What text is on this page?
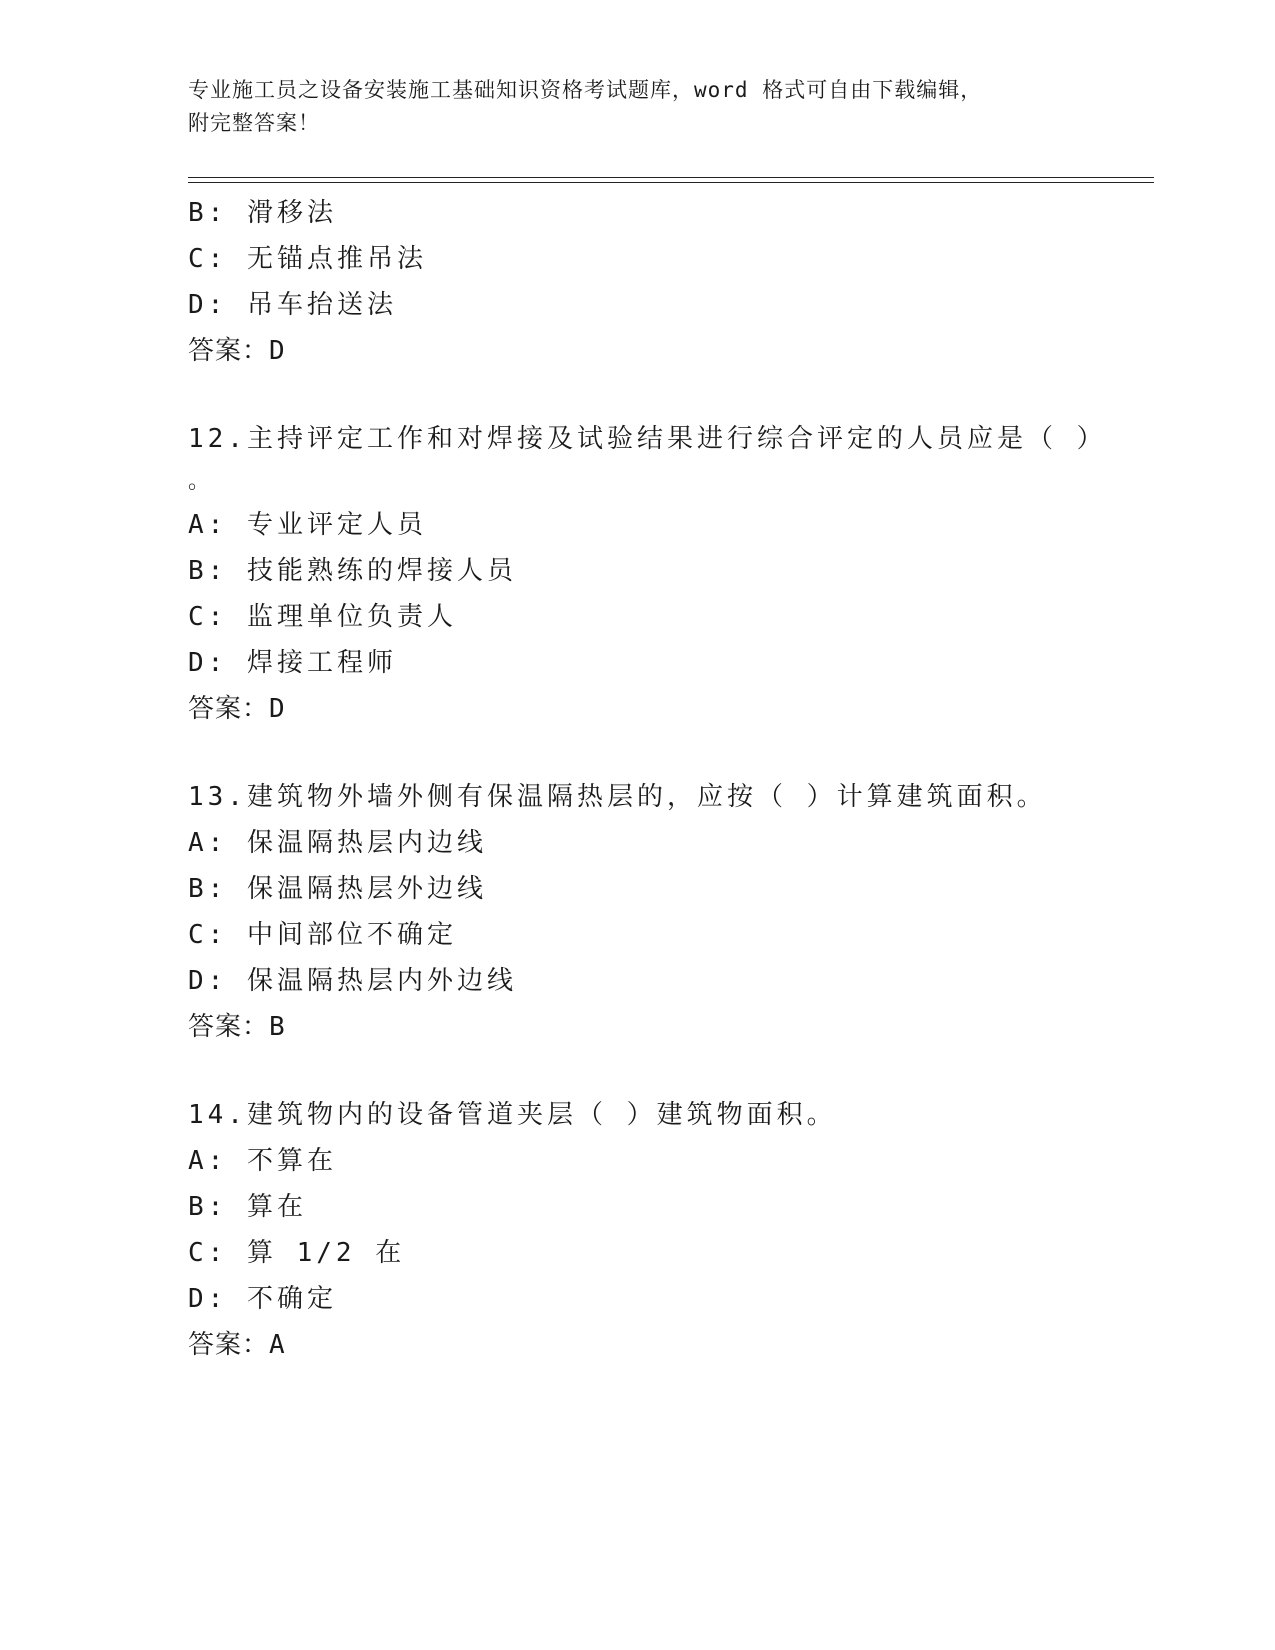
专业施工员之设备安装施工基础知识资格考试题库，word 格式可自由下载编辑，
附完整答案！
B: 滑移法
C: 无锚点推吊法
D: 吊车抬送法
答案：D
12.主持评定工作和对焊接及试验结果进行综合评定的人员应是（ ）
。
A: 专业评定人员
B: 技能熟练的焊接人员
C: 监理单位负责人
D: 焊接工程师
答案：D
13.建筑物外墙外侧有保温隔热层的，应按（ ）计算建筑面积。
A: 保温隔热层内边线
B: 保温隔热层外边线
C: 中间部位不确定
D: 保温隔热层内外边线
答案：B
14.建筑物内的设备管道夹层（ ）建筑物面积。
A: 不算在
B: 算在
C: 算 1/2 在
D: 不确定
答案：A
